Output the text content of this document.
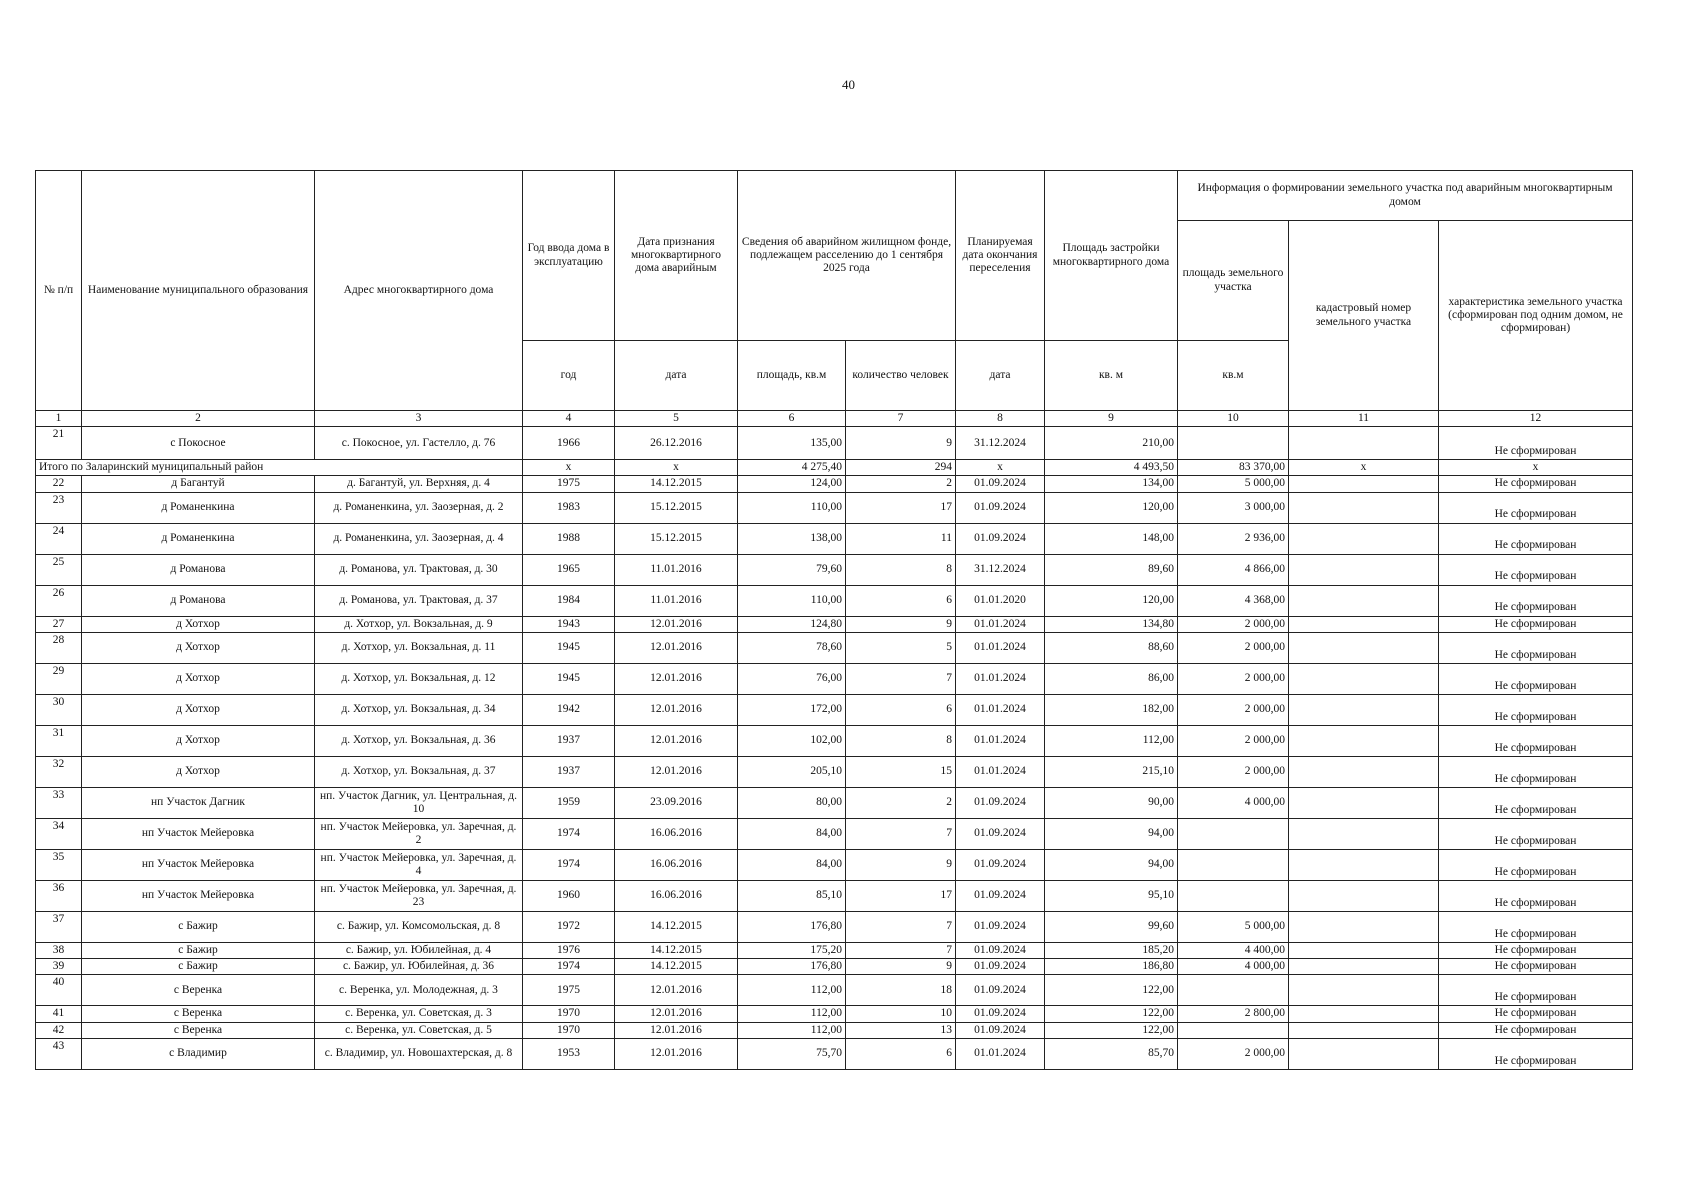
40
№ п/п	Наименование муниципального образования	Адрес многоквартирного дома	Год ввода дома в эксплуатацию	Дата признания многоквартирного дома аварийным	Сведения об аварийном жилищном фонде, подлежащем расселению до 1 сентября 2025 года		Планируемая дата окончания переселения	Площадь застройки многоквартирного дома	Информация о формировании земельного участка под аварийным многоквартирным домом		
									площадь земельного участка	кадастровый номер земельного участка	характеристика земельного участка (сформирован под одним домом, не сформирован)
			год	дата	площадь, кв.м	количество человек	дата	кв. м	кв.м		
1	2	3	4	5	6	7	8	9	10	11	12
21	с Покосное	с. Покосное, ул. Гастелло, д. 76	1966	26.12.2016	135,00	9	31.12.2024	210,00			Не сформирован
Итого по Заларинский муниципальный район			x	x	4 275,40	294	x	4 493,50	83 370,00	x	x
22	д Багантуй	д. Багантуй, ул. Верхняя, д. 4	1975	14.12.2015	124,00	2	01.09.2024	134,00	5 000,00		Не сформирован
23	д Романенкина	д. Романенкина, ул. Заозерная, д. 2	1983	15.12.2015	110,00	17	01.09.2024	120,00	3 000,00		Не сформирован
24	д Романенкина	д. Романенкина, ул. Заозерная, д. 4	1988	15.12.2015	138,00	11	01.09.2024	148,00	2 936,00		Не сформирован
25	д Романова	д. Романова, ул. Трактовая, д. 30	1965	11.01.2016	79,60	8	31.12.2024	89,60	4 866,00		Не сформирован
26	д Романова	д. Романова, ул. Трактовая, д. 37	1984	11.01.2016	110,00	6	01.01.2020	120,00	4 368,00		Не сформирован
27	д Хотхор	д. Хотхор, ул. Вокзальная, д. 9	1943	12.01.2016	124,80	9	01.01.2024	134,80	2 000,00		Не сформирован
28	д Хотхор	д. Хотхор, ул. Вокзальная, д. 11	1945	12.01.2016	78,60	5	01.01.2024	88,60	2 000,00		Не сформирован
29	д Хотхор	д. Хотхор, ул. Вокзальная, д. 12	1945	12.01.2016	76,00	7	01.01.2024	86,00	2 000,00		Не сформирован
30	д Хотхор	д. Хотхор, ул. Вокзальная, д. 34	1942	12.01.2016	172,00	6	01.01.2024	182,00	2 000,00		Не сформирован
31	д Хотхор	д. Хотхор, ул. Вокзальная, д. 36	1937	12.01.2016	102,00	8	01.01.2024	112,00	2 000,00		Не сформирован
32	д Хотхор	д. Хотхор, ул. Вокзальная, д. 37	1937	12.01.2016	205,10	15	01.01.2024	215,10	2 000,00		Не сформирован
33	нп Участок Дагник	нп. Участок Дагник, ул. Центральная, д. 10	1959	23.09.2016	80,00	2	01.09.2024	90,00	4 000,00		Не сформирован
34	нп Участок Мейеровка	нп. Участок Мейеровка, ул. Заречная, д. 2	1974	16.06.2016	84,00	7	01.09.2024	94,00			Не сформирован
35	нп Участок Мейеровка	нп. Участок Мейеровка, ул. Заречная, д. 4	1974	16.06.2016	84,00	9	01.09.2024	94,00			Не сформирован
36	нп Участок Мейеровка	нп. Участок Мейеровка, ул. Заречная, д. 23	1960	16.06.2016	85,10	17	01.09.2024	95,10			Не сформирован
37	с Бажир	с. Бажир, ул. Комсомольская, д. 8	1972	14.12.2015	176,80	7	01.09.2024	99,60	5 000,00		Не сформирован
38	с Бажир	с. Бажир, ул. Юбилейная, д. 4	1976	14.12.2015	175,20	7	01.09.2024	185,20	4 400,00		Не сформирован
39	с Бажир	с. Бажир, ул. Юбилейная, д. 36	1974	14.12.2015	176,80	9	01.09.2024	186,80	4 000,00		Не сформирован
40	с Веренка	с. Веренка, ул. Молодежная, д. 3	1975	12.01.2016	112,00	18	01.09.2024	122,00			Не сформирован
41	с Веренка	с. Веренка, ул. Советская, д. 3	1970	12.01.2016	112,00	10	01.09.2024	122,00	2 800,00		Не сформирован
42	с Веренка	с. Веренка, ул. Советская, д. 5	1970	12.01.2016	112,00	13	01.09.2024	122,00			Не сформирован
43	с Владимир	с. Владимир, ул. Новошахтерская, д. 8	1953	12.01.2016	75,70	6	01.01.2024	85,70	2 000,00		Не сформирован
